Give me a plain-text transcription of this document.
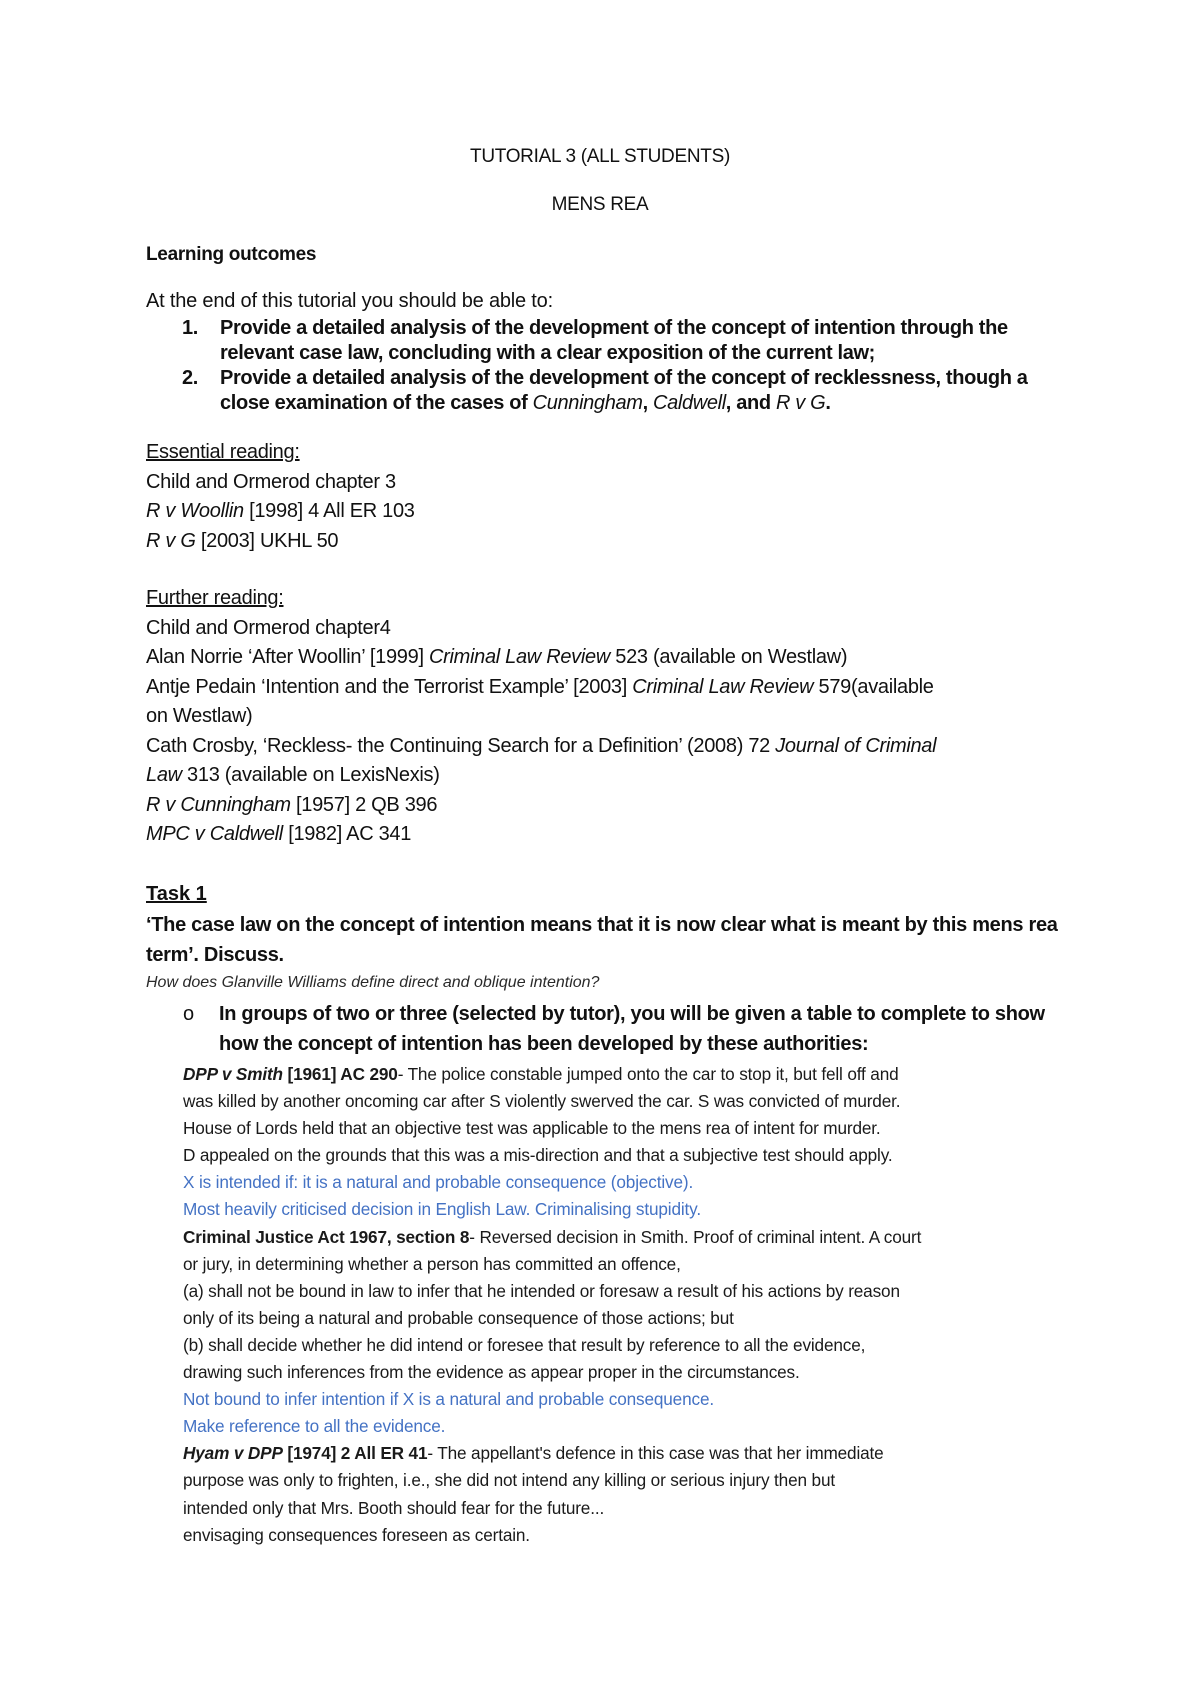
TUTORIAL 3 (ALL STUDENTS)
MENS REA
Learning outcomes
At the end of this tutorial you should be able to:
1. Provide a detailed analysis of the development of the concept of intention through the relevant case law, concluding with a clear exposition of the current law;
2. Provide a detailed analysis of the development of the concept of recklessness, though a close examination of the cases of Cunningham, Caldwell, and R v G.
Essential reading:
Child and Ormerod chapter 3
R v Woollin [1998] 4 All ER 103
R v G [2003] UKHL 50
Further reading:
Child and Ormerod chapter4
Alan Norrie ‘After Woollin’ [1999] Criminal Law Review 523 (available on Westlaw)
Antje Pedain ‘Intention and the Terrorist Example’ [2003] Criminal Law Review 579(available
on Westlaw)
Cath Crosby, ‘Reckless- the Continuing Search for a Definition’ (2008) 72 Journal of Criminal
Law 313 (available on LexisNexis)
R v Cunningham [1957] 2 QB 396
MPC v Caldwell [1982] AC 341
Task 1
‘The case law on the concept of intention means that it is now clear what is meant by this mens rea term’. Discuss.
How does Glanville Williams define direct and oblique intention?
o	In groups of two or three (selected by tutor), you will be given a table to complete to show how the concept of intention has been developed by these authorities:
DPP v Smith [1961] AC 290- The police constable jumped onto the car to stop it, but fell off and
was killed by another oncoming car after S violently swerved the car. S was convicted of murder.
House of Lords held that an objective test was applicable to the mens rea of intent for murder.
D appealed on the grounds that this was a mis-direction and that a subjective test should apply.
X is intended if: it is a natural and probable consequence (objective).
Most heavily criticised decision in English Law. Criminalising stupidity.
Criminal Justice Act 1967, section 8- Reversed decision in Smith. Proof of criminal intent. A court
or jury, in determining whether a person has committed an offence,
(a) shall not be bound in law to infer that he intended or foresaw a result of his actions by reason
only of its being a natural and probable consequence of those actions; but
(b) shall decide whether he did intend or foresee that result by reference to all the evidence,
drawing such inferences from the evidence as appear proper in the circumstances.
Not bound to infer intention if X is a natural and probable consequence.
Make reference to all the evidence.
Hyam v DPP [1974] 2 All ER 41- The appellant's defence in this case was that her immediate
purpose was only to frighten, i.e., she did not intend any killing or serious injury then but
intended only that Mrs. Booth should fear for the future...
envisaging consequences foreseen as certain.
